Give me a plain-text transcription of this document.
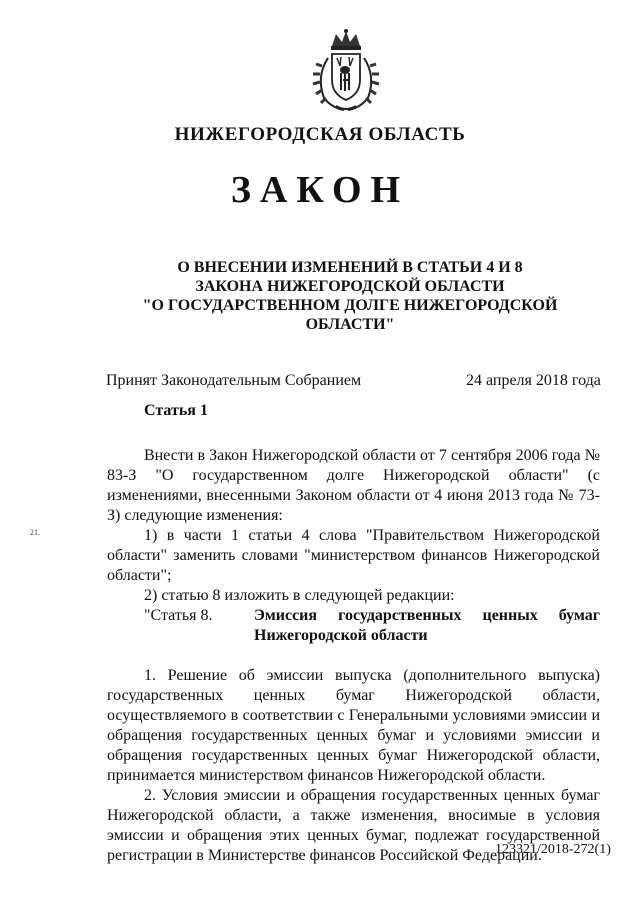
НИЖЕГОРОДСКАЯ ОБЛАСТЬ
ЗАКОН
О ВНЕСЕНИИ ИЗМЕНЕНИЙ В СТАТЬИ 4 И 8
ЗАКОНА НИЖЕГОРОДСКОЙ ОБЛАСТИ
"О ГОСУДАРСТВЕННОМ ДОЛГЕ НИЖЕГОРОДСКОЙ ОБЛАСТИ"
Принят Законодательным Собранием	24 апреля 2018 года
Статья 1
21.

Внести в Закон Нижегородской области от 7 сентября 2006 года № 83-З "О государственном долге Нижегородской области" (с изменениями, внесенными Законом области от 4 июня 2013 года № 73-З) следующие изменения:

1) в части 1 статьи 4 слова "Правительством Нижегородской области" заменить словами "министерством финансов Нижегородской области";

2) статью 8 изложить в следующей редакции:

"Статья 8.	Эмиссия государственных ценных бумаг
Нижегородской области

1. Решение об эмиссии выпуска (дополнительного выпуска) государственных ценных бумаг Нижегородской области, осуществляемого в соответствии с Генеральными условиями эмиссии и обращения государственных ценных бумаг и условиями эмиссии и обращения государственных ценных бумаг Нижегородской области, принимается министерством финансов Нижегородской области.

2. Условия эмиссии и обращения государственных ценных бумаг Нижегородской области, а также изменения, вносимые в условия эмиссии и обращения этих ценных бумаг, подлежат государственной регистрации в Министерстве финансов Российской Федерации.

123321/2018-272(1)
